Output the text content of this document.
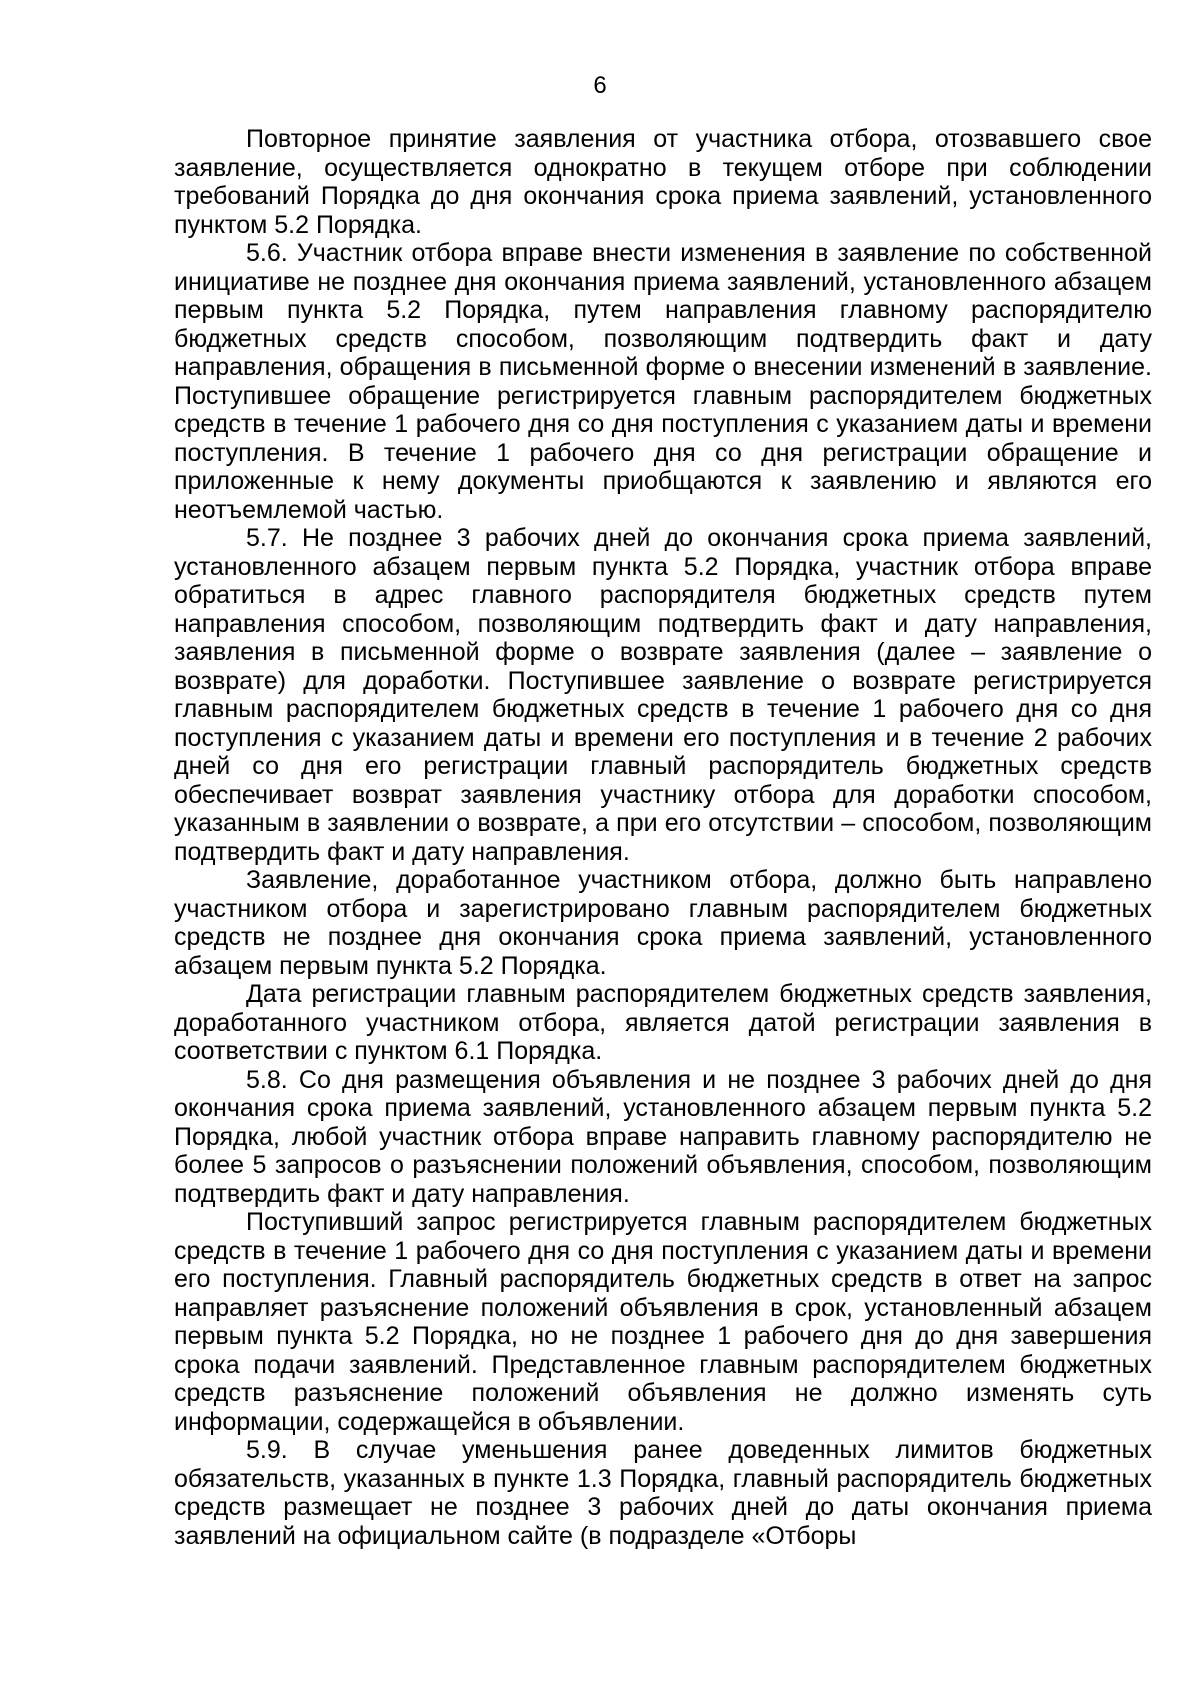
6

Повторное принятие заявления от участника отбора, отозвавшего свое заявление, осуществляется однократно в текущем отборе при соблюдении требований Порядка до дня окончания срока приема заявлений, установленного пунктом 5.2 Порядка.

5.6. Участник отбора вправе внести изменения в заявление по собственной инициативе не позднее дня окончания приема заявлений, установленного абзацем первым пункта 5.2 Порядка, путем направления главному распорядителю бюджетных средств способом, позволяющим подтвердить факт и дату направления, обращения в письменной форме о внесении изменений в заявление. Поступившее обращение регистрируется главным распорядителем бюджетных средств в течение 1 рабочего дня со дня поступления с указанием даты и времени поступления. В течение 1 рабочего дня со дня регистрации обращение и приложенные к нему документы приобщаются к заявлению и являются его неотъемлемой частью.

5.7. Не позднее 3 рабочих дней до окончания срока приема заявлений, установленного абзацем первым пункта 5.2 Порядка, участник отбора вправе обратиться в адрес главного распорядителя бюджетных средств путем направления способом, позволяющим подтвердить факт и дату направления, заявления в письменной форме о возврате заявления (далее – заявление о возврате) для доработки. Поступившее заявление о возврате регистрируется главным распорядителем бюджетных средств в течение 1 рабочего дня со дня поступления с указанием даты и времени его поступления и в течение 2 рабочих дней со дня его регистрации главный распорядитель бюджетных средств обеспечивает возврат заявления участнику отбора для доработки способом, указанным в заявлении о возврате, а при его отсутствии – способом, позволяющим подтвердить факт и дату направления.

Заявление, доработанное участником отбора, должно быть направлено участником отбора и зарегистрировано главным распорядителем бюджетных средств не позднее дня окончания срока приема заявлений, установленного абзацем первым пункта 5.2 Порядка.

Дата регистрации главным распорядителем бюджетных средств заявления, доработанного участником отбора, является датой регистрации заявления в соответствии с пунктом 6.1 Порядка.

5.8. Со дня размещения объявления и не позднее 3 рабочих дней до дня окончания срока приема заявлений, установленного абзацем первым пункта 5.2 Порядка, любой участник отбора вправе направить главному распорядителю не более 5 запросов о разъяснении положений объявления, способом, позволяющим подтвердить факт и дату направления.

Поступивший запрос регистрируется главным распорядителем бюджетных средств в течение 1 рабочего дня со дня поступления с указанием даты и времени его поступления. Главный распорядитель бюджетных средств в ответ на запрос направляет разъяснение положений объявления в срок, установленный абзацем первым пункта 5.2 Порядка, но не позднее 1 рабочего дня до дня завершения срока подачи заявлений. Представленное главным распорядителем бюджетных средств разъяснение положений объявления не должно изменять суть информации, содержащейся в объявлении.

5.9. В случае уменьшения ранее доведенных лимитов бюджетных обязательств, указанных в пункте 1.3 Порядка, главный распорядитель бюджетных средств размещает не позднее 3 рабочих дней до даты окончания приема заявлений на официальном сайте (в подразделе «Отборы
